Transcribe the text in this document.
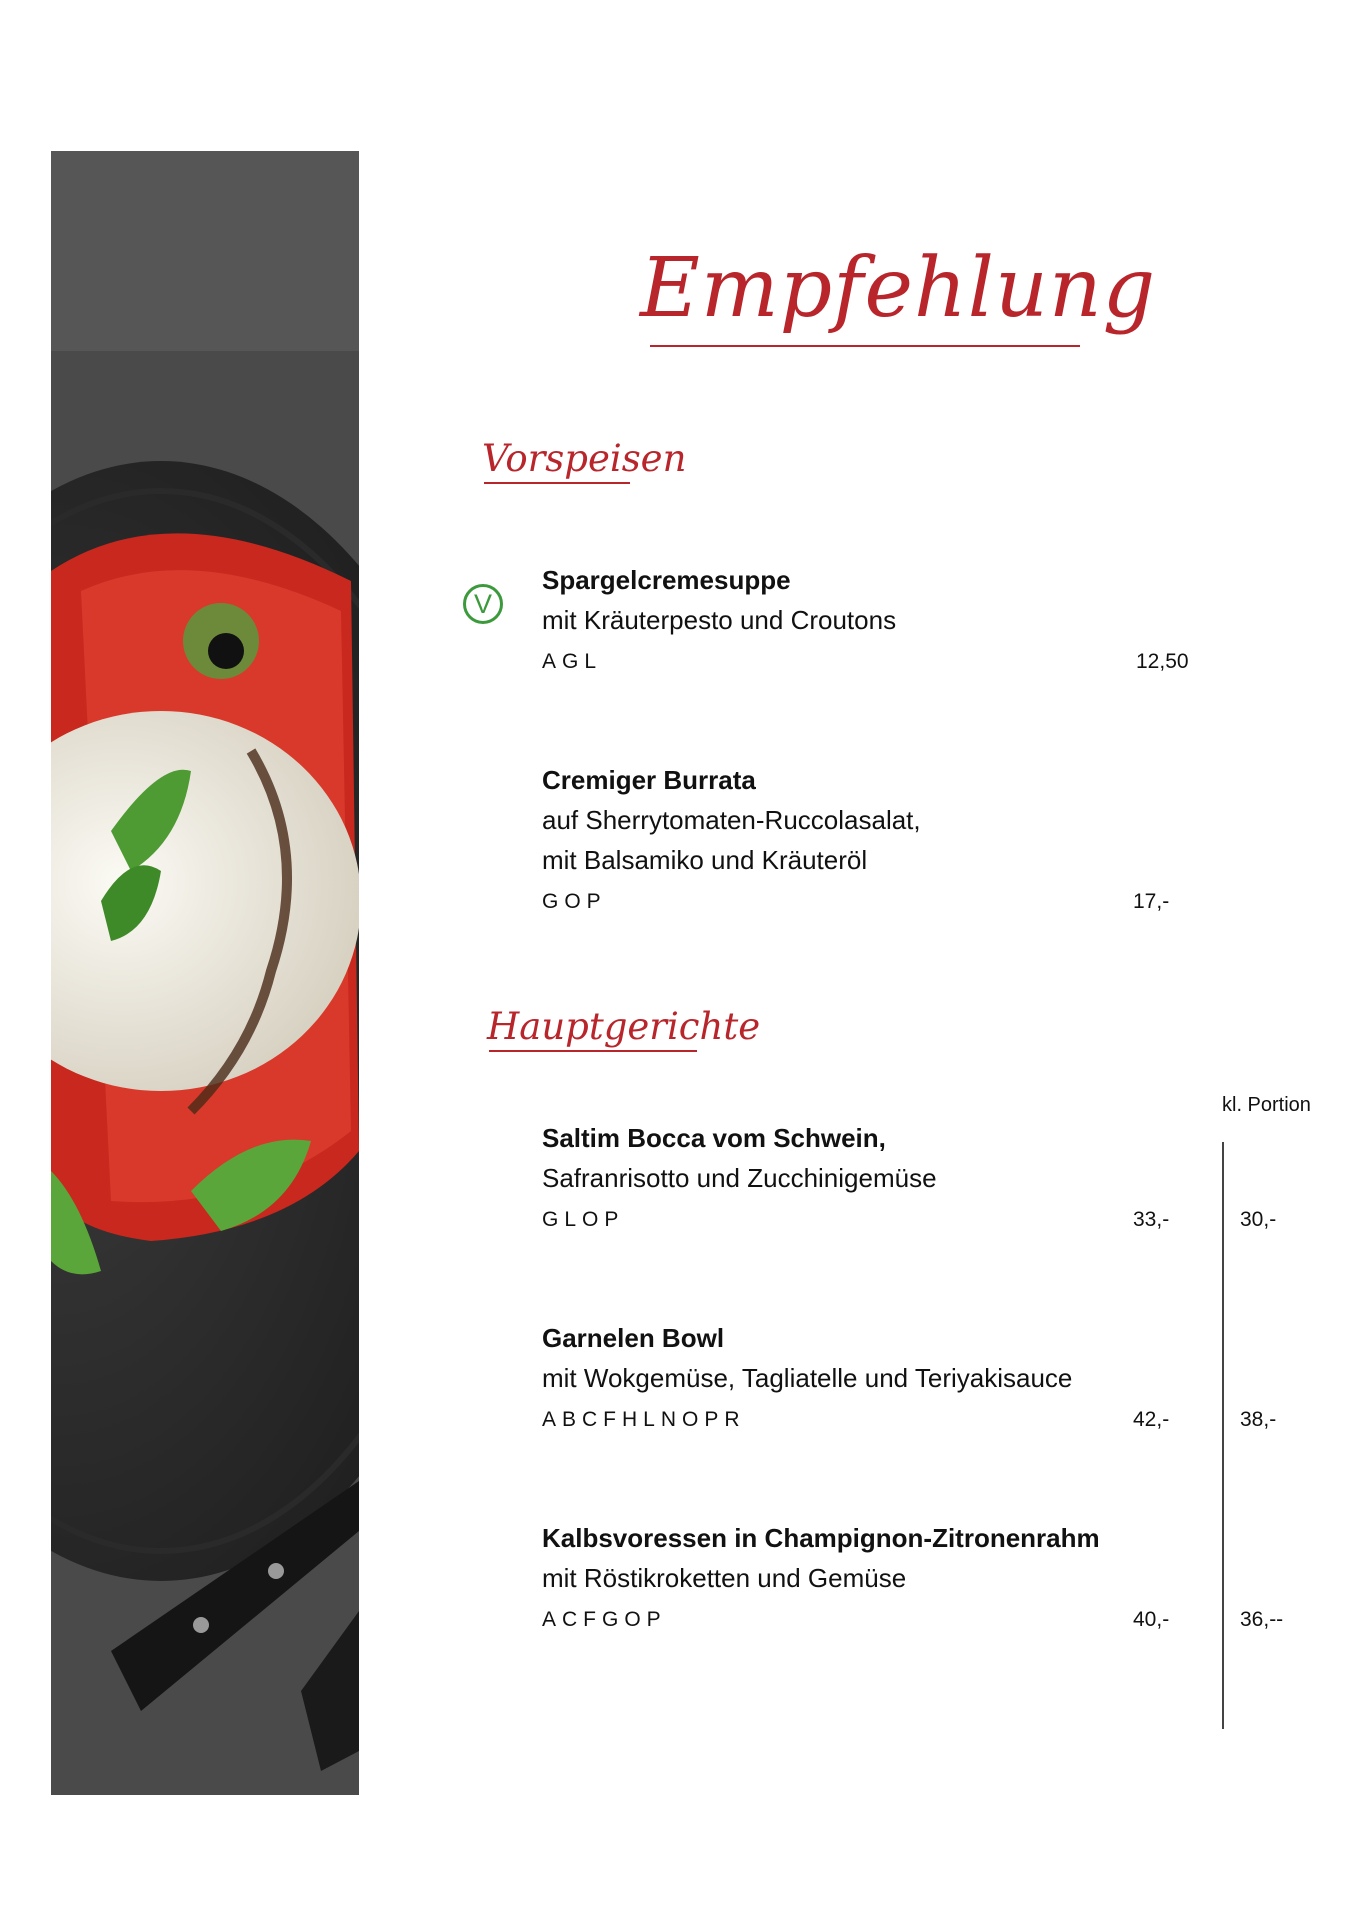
Empfehlung
Vorspeisen
V
Spargelcremesuppe
mit Kräuterpesto und Croutons
AGL	12,50
Cremiger Burrata
auf Sherrytomaten-Ruccolasalat,
mit Balsamiko und Kräuteröl
GOP	17,-
Hauptgerichte
kl. Portion
Saltim Bocca vom Schwein,
Safranrisotto und Zucchinigemüse
GLOP	33,-	30,-
Garnelen Bowl
mit Wokgemüse, Tagliatelle und Teriyakisauce
ABCFHLNOPR	42,-	38,-
Kalbsvoressen in Champignon-Zitronenrahm
mit Röstikroketten und Gemüse
ACFGOP	40,-	36,--
